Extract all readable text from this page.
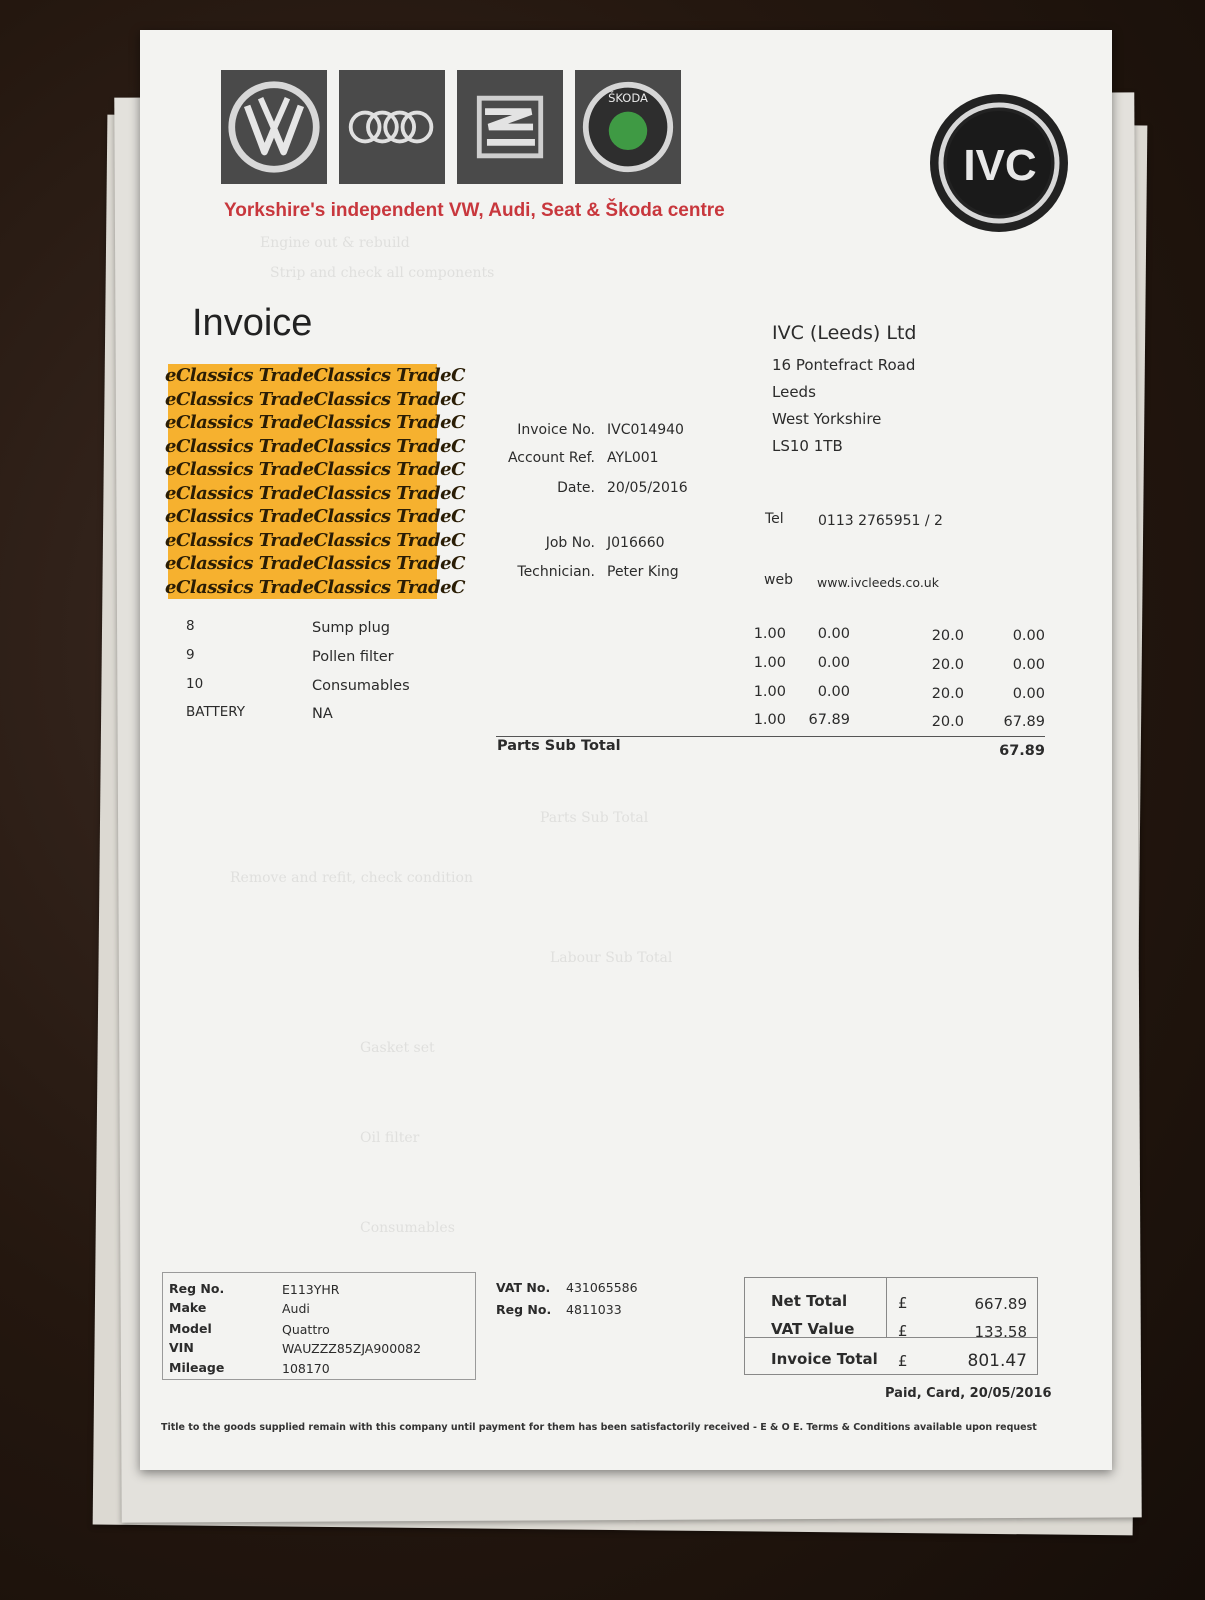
Engine out & rebuild
Strip and check all components
Parts Sub Total
Remove and refit, check condition
Labour Sub Total
Gasket set
Oil filter
Consumables
ŠKODA
Yorkshire's independent VW, Audi, Seat & Škoda centre
IVC
Invoice
eClassics TradeClassics TradeC
eClassics TradeClassics TradeC
eClassics TradeClassics TradeC
eClassics TradeClassics TradeC
eClassics TradeClassics TradeC
eClassics TradeClassics TradeC
eClassics TradeClassics TradeC
eClassics TradeClassics TradeC
eClassics TradeClassics TradeC
eClassics TradeClassics TradeC
Invoice No. IVC014940
Account Ref. AYL001
Date. 20/05/2016
Job No. J016660
Technician. Peter King
IVC (Leeds) Ltd
16 Pontefract Road
Leeds
West Yorkshire
LS10 1TB
Tel 0113 2765951 / 2
web www.ivcleeds.co.uk
8	Sump plug	1.00	0.00	20.0	0.00
9	Pollen filter	1.00	0.00	20.0	0.00
10	Consumables	1.00	0.00	20.0	0.00
BATTERY	NA	1.00	67.89	20.0	67.89
Parts Sub Total	67.89
Reg No.	E113YHR
Make	Audi
Model	Quattro
VIN	WAUZZZ85ZJA900082
Mileage	108170
VAT No. 431065586
Reg No. 4811033	Net Total	£	667.89
VAT Value	£	133.58
Invoice Total £	801.47
Paid, Card, 20/05/2016
Title to the goods supplied remain with this company until payment for them has been satisfactorily received - E & O E. Terms & Conditions available upon request
